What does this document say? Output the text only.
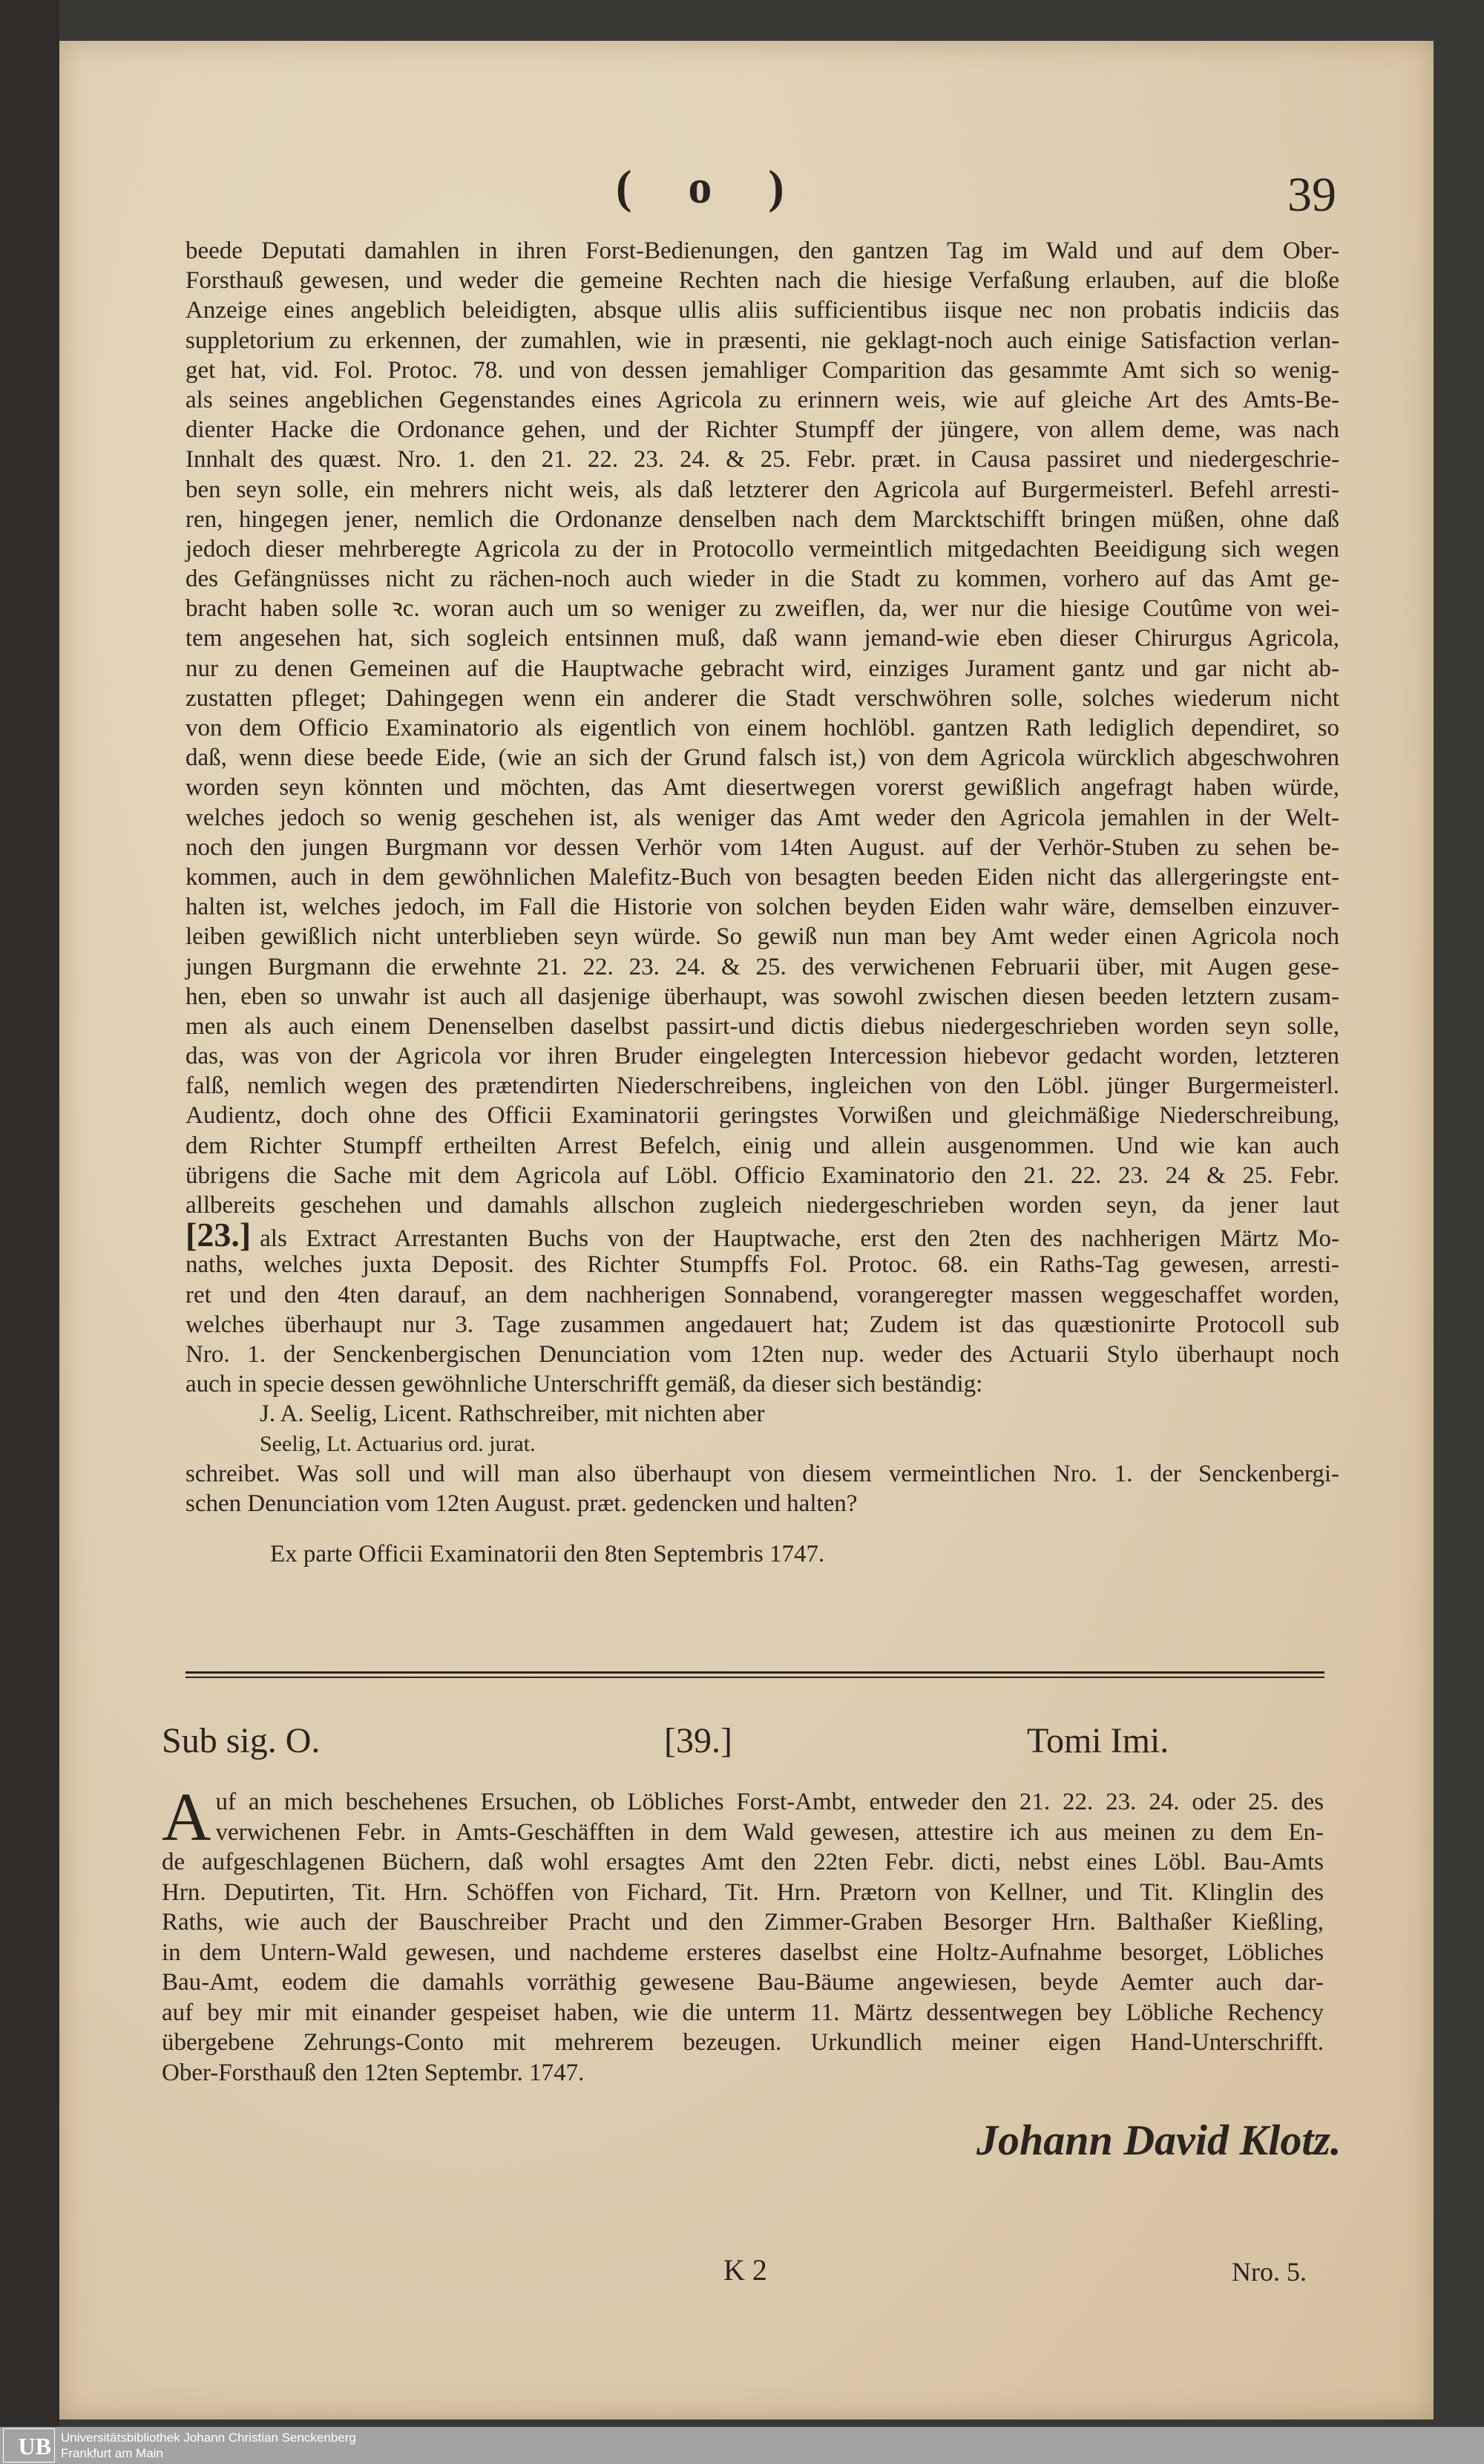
( o )	39
beede Deputati damahlen in ihren Forst-Bedienungen, den gantzen Tag im Wald und auf dem Ober-
Forsthauß gewesen, und weder die gemeine Rechten nach die hiesige Verfaßung erlauben, auf die bloße
Anzeige eines angeblich beleidigten, absque ullis aliis sufficientibus iisque nec non probatis indiciis das
suppletorium zu erkennen, der zumahlen, wie in præsenti, nie geklagt-noch auch einige Satisfaction verlan-
get hat, vid. Fol. Protoc. 78. und von dessen jemahliger Comparition das gesammte Amt sich so wenig-
als seines angeblichen Gegenstandes eines Agricola zu erinnern weis, wie auf gleiche Art des Amts-Be-
dienter Hacke die Ordonance gehen, und der Richter Stumpff der jüngere, von allem deme, was nach
Innhalt des quæst. Nro. 1. den 21. 22. 23. 24. & 25. Febr. præt. in Causa passiret und niedergeschrie-
ben seyn solle, ein mehrers nicht weis, als daß letzterer den Agricola auf Burgermeisterl. Befehl arresti-
ren, hingegen jener, nemlich die Ordonanze denselben nach dem Marcktschifft bringen müßen, ohne daß
jedoch dieser mehrberegte Agricola zu der in Protocollo vermeintlich mitgedachten Beeidigung sich wegen
des Gefängnüsses nicht zu rächen-noch auch wieder in die Stadt zu kommen, vorhero auf das Amt ge-
bracht haben solle ꝛc. woran auch um so weniger zu zweiflen, da, wer nur die hiesige Coutûme von wei-
tem angesehen hat, sich sogleich entsinnen muß, daß wann jemand-wie eben dieser Chirurgus Agricola,
nur zu denen Gemeinen auf die Hauptwache gebracht wird, einziges Jurament gantz und gar nicht ab-
zustatten pfleget; Dahingegen wenn ein anderer die Stadt verschwöhren solle, solches wiederum nicht
von dem Officio Examinatorio als eigentlich von einem hochlöbl. gantzen Rath lediglich dependiret, so
daß, wenn diese beede Eide, (wie an sich der Grund falsch ist,) von dem Agricola würcklich abgeschwohren
worden seyn könnten und möchten, das Amt diesertwegen vorerst gewißlich angefragt haben würde,
welches jedoch so wenig geschehen ist, als weniger das Amt weder den Agricola jemahlen in der Welt-
noch den jungen Burgmann vor dessen Verhör vom 14ten August. auf der Verhör-Stuben zu sehen be-
kommen, auch in dem gewöhnlichen Malefitz-Buch von besagten beeden Eiden nicht das allergeringste ent-
halten ist, welches jedoch, im Fall die Historie von solchen beyden Eiden wahr wäre, demselben einzuver-
leiben gewißlich nicht unterblieben seyn würde. So gewiß nun man bey Amt weder einen Agricola noch
jungen Burgmann die erwehnte 21. 22. 23. 24. & 25. des verwichenen Februarii über, mit Augen gese-
hen, eben so unwahr ist auch all dasjenige überhaupt, was sowohl zwischen diesen beeden letztern zusam-
men als auch einem Denenselben daselbst passirt-und dictis diebus niedergeschrieben worden seyn solle,
das, was von der Agricola vor ihren Bruder eingelegten Intercession hiebevor gedacht worden, letzteren
falß, nemlich wegen des prætendirten Niederschreibens, ingleichen von den Löbl. jünger Burgermeisterl.
Audientz, doch ohne des Officii Examinatorii geringstes Vorwißen und gleichmäßige Niederschreibung,
dem Richter Stumpff ertheilten Arrest Befelch, einig und allein ausgenommen. Und wie kan auch
übrigens die Sache mit dem Agricola auf Löbl. Officio Examinatorio den 21. 22. 23. 24 & 25. Febr.
allbereits geschehen und damahls allschon zugleich niedergeschrieben worden seyn, da jener laut
[23.] als Extract Arrestanten Buchs von der Hauptwache, erst den 2ten des nachherigen Märtz Mo-
naths, welches juxta Deposit. des Richter Stumpffs Fol. Protoc. 68. ein Raths-Tag gewesen, arresti-
ret und den 4ten darauf, an dem nachherigen Sonnabend, vorangeregter massen weggeschaffet worden,
welches überhaupt nur 3. Tage zusammen angedauert hat; Zudem ist das quæstionirte Protocoll sub
Nro. 1. der Senckenbergischen Denunciation vom 12ten nup. weder des Actuarii Stylo überhaupt noch
auch in specie dessen gewöhnliche Unterschrifft gemäß, da dieser sich beständig:
J. A. Seelig, Licent. Rathschreiber, mit nichten aber
Seelig, Lt. Actuarius ord. jurat.
schreibet. Was soll und will man also überhaupt von diesem vermeintlichen Nro. 1. der Senckenbergi-
schen Denunciation vom 12ten August. præt. gedencken und halten?
Ex parte Officii Examinatorii den 8ten Septembris 1747.
Sub sig. O.	[39.]	Tomi Imi.
A uf an mich beschehenes Ersuchen, ob Löbliches Forst-Ambt, entweder den 21. 22. 23. 24. oder 25. des
verwichenen Febr. in Amts-Geschäfften in dem Wald gewesen, attestire ich aus meinen zu dem En-
de aufgeschlagenen Büchern, daß wohl ersagtes Amt den 22ten Febr. dicti, nebst eines Löbl. Bau-Amts
Hrn. Deputirten, Tit. Hrn. Schöffen von Fichard, Tit. Hrn. Prætorn von Kellner, und Tit. Klinglin des
Raths, wie auch der Bauschreiber Pracht und den Zimmer-Graben Besorger Hrn. Balthaßer Kießling,
in dem Untern-Wald gewesen, und nachdeme ersteres daselbst eine Holtz-Aufnahme besorget, Löbliches
Bau-Amt, eodem die damahls vorräthig gewesene Bau-Bäume angewiesen, beyde Aemter auch dar-
auf bey mir mit einander gespeiset haben, wie die unterm 11. Märtz dessentwegen bey Löbliche Rechency
übergebene Zehrungs-Conto mit mehrerem bezeugen. Urkundlich meiner eigen Hand-Unterschrifft.
Ober-Forsthauß den 12ten Septembr. 1747.
Johann David Klotz.
K 2	Nro. 5.
UB Universitätsbibliothek Johann Christian Senckenberg
Frankfurt am Main
